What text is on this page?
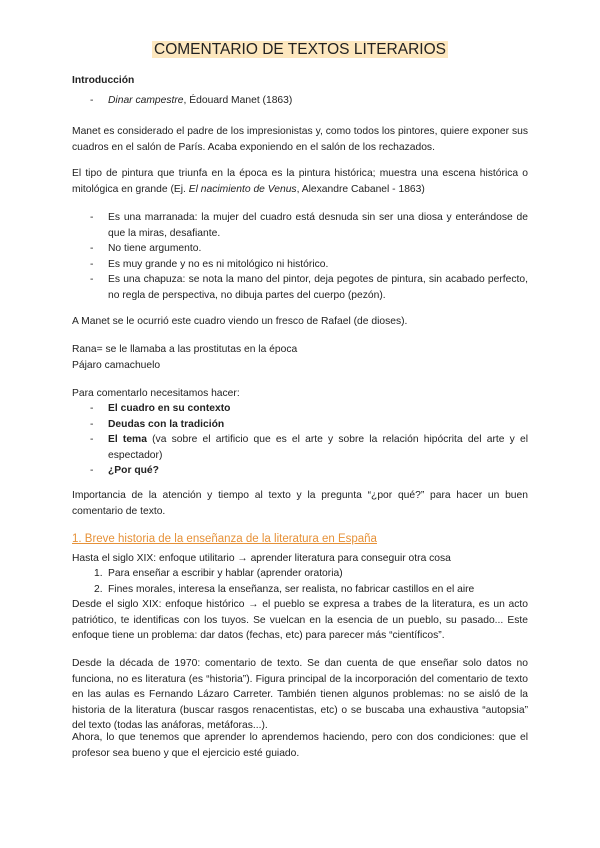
COMENTARIO DE TEXTOS LITERARIOS
Introducción
- Dinar campestre, Édouard Manet (1863)
Manet es considerado el padre de los impresionistas y, como todos los pintores, quiere exponer sus cuadros en el salón de París. Acaba exponiendo en el salón de los rechazados.
El tipo de pintura que triunfa en la época es la pintura histórica; muestra una escena histórica o mitológica en grande (Ej. El nacimiento de Venus, Alexandre Cabanel - 1863)
- Es una marranada: la mujer del cuadro está desnuda sin ser una diosa y enterándose de que la miras, desafiante.
- No tiene argumento.
- Es muy grande y no es ni mitológico ni histórico.
- Es una chapuza: se nota la mano del pintor, deja pegotes de pintura, sin acabado perfecto, no regla de perspectiva, no dibuja partes del cuerpo (pezón).
A Manet se le ocurrió este cuadro viendo un fresco de Rafael (de dioses).
Rana= se le llamaba a las prostitutas en la época
Pájaro camachuelo
Para comentarlo necesitamos hacer:
- El cuadro en su contexto
- Deudas con la tradición
- El tema (va sobre el artificio que es el arte y sobre la relación hipócrita del arte y el espectador)
- ¿Por qué?
Importancia de la atención y tiempo al texto y la pregunta “¿por qué?” para hacer un buen comentario de texto.
1. Breve historia de la enseñanza de la literatura en España
Hasta el siglo XIX: enfoque utilitario → aprender literatura para conseguir otra cosa
1. Para enseñar a escribir y hablar (aprender oratoria)
2. Fines morales, interesa la enseñanza, ser realista, no fabricar castillos en el aire
Desde el siglo XIX: enfoque histórico → el pueblo se expresa a trabes de la literatura, es un acto patriótico, te identificas con los tuyos. Se vuelcan en la esencia de un pueblo, su pasado... Este enfoque tiene un problema: dar datos (fechas, etc) para parecer más “científicos”.
Desde la década de 1970: comentario de texto. Se dan cuenta de que enseñar solo datos no funciona, no es literatura (es “historia”). Figura principal de la incorporación del comentario de texto en las aulas es Fernando Lázaro Carreter. También tienen algunos problemas: no se aisló de la historia de la literatura (buscar rasgos renacentistas, etc) o se buscaba una exhaustiva “autopsia” del texto (todas las anáforas, metáforas...).
Ahora, lo que tenemos que aprender lo aprendemos haciendo, pero con dos condiciones: que el profesor sea bueno y que el ejercicio esté guiado.
